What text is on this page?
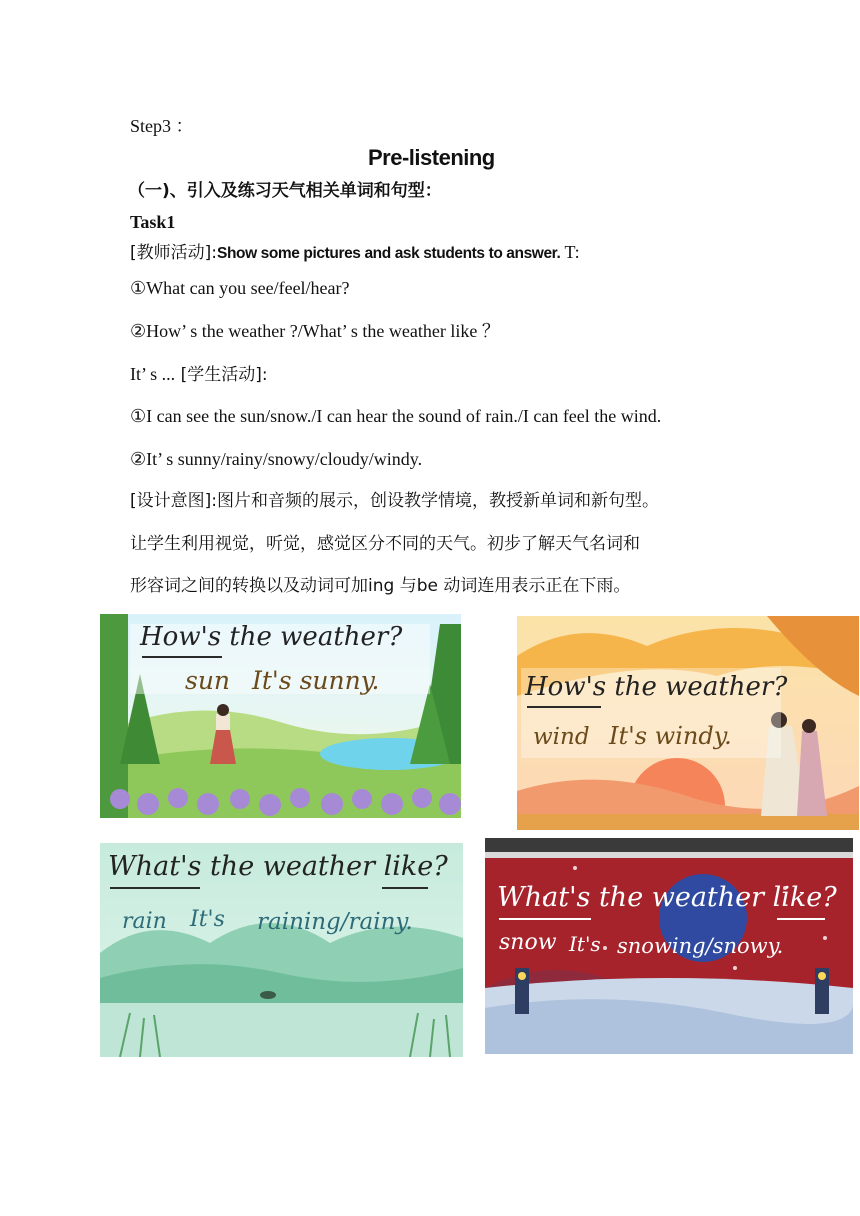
Step3 ：
Pre-listening
（一)、引入及练习天气相关单词和句型：
Task1
[教师活动]:Show some pictures and ask students to answer. T:
①What can you see/feel/hear?
②How’ s the weather ?/What’ s the weather like ？
It’ s ... [学生活动]:
①I can see the sun/snow./I can hear the sound of rain./I can feel the wind.
②It’ s sunny/rainy/snowy/cloudy/windy.
[设计意图]:图片和音频的展示，创设教学情境，教授新单词和新句型。
让学生利用视觉，听觉，感觉区分不同的天气。初步了解天气名词和
形容词之间的转换以及动词可加ing 与be 动词连用表示正在下雨。
How's the weather?
sun It's sunny.	How's the weather?
wind It's windy.
What's the weather like?
rain It's raining/rainy.
What's the weather like?
snow It's snowing/snowy.
